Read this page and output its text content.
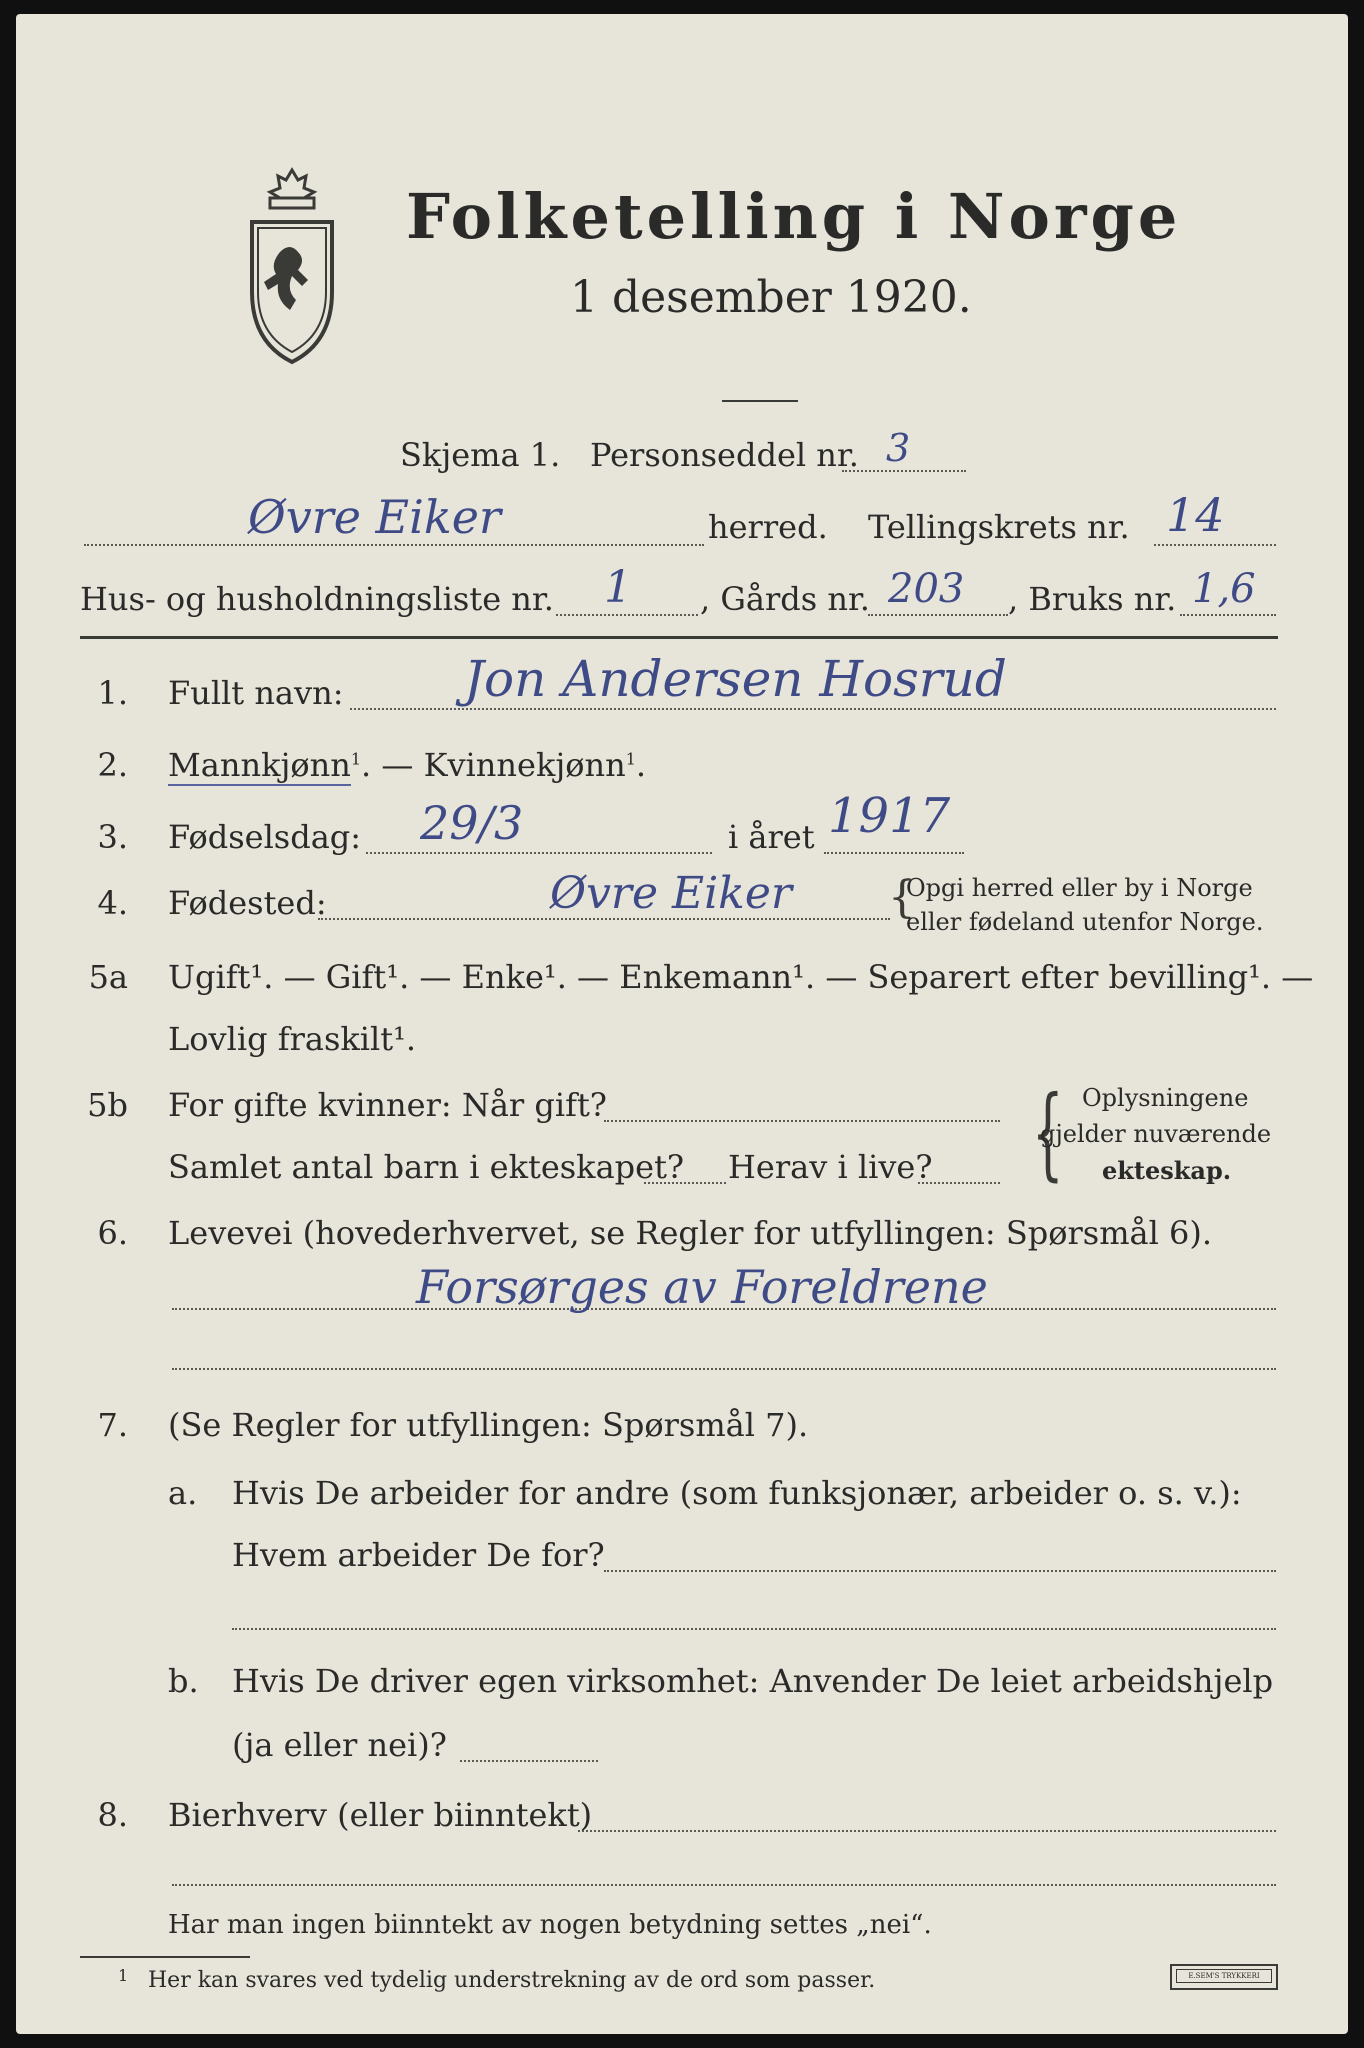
Folketelling i Norge
1 desember 1920.
Skjema 1. Personseddel nr. 3
Øvre Eiker	herred. Tellingskrets nr. 14
Hus- og husholdningsliste nr. 1 , Gårds nr. 203 , Bruks nr. 1,6
1. Fullt navn: Jon Andersen Hosrud
2. Mannkjønn$^1$. — Kvinnekjønn$^1$.
3. Fødselsdag: 29/3	i året 1917
4. Fødested:	Øvre Eiker {
Opgi herred eller by i Norge
eller fødeland utenfor Norge.
5a Ugift¹. — Gift¹. — Enke¹. — Enkemann¹. — Separert efter bevilling¹. —
Lovlig fraskilt¹.
5b For gifte kvinner: Når gift?
Samlet antal barn i ekteskapet? Herav i live? { Oplysningene
gjelder nuværende
ekteskap.
6. Levevei (hovederhvervet, se Regler for utfyllingen: Spørsmål 6).
Forsørges av Foreldrene
7. (Se Regler for utfyllingen: Spørsmål 7).
a. Hvis De arbeider for andre (som funksjonær, arbeider o. s. v.):
Hvem arbeider De for?
b. Hvis De driver egen virksomhet: Anvender De leiet arbeidshjelp
(ja eller nei)?
8. Bierhverv (eller biinntekt)
Har man ingen biinntekt av nogen betydning settes „nei“.
1 Her kan svares ved tydelig understrekning av de ord som passer.	E.SEM'S TRYKKERI
